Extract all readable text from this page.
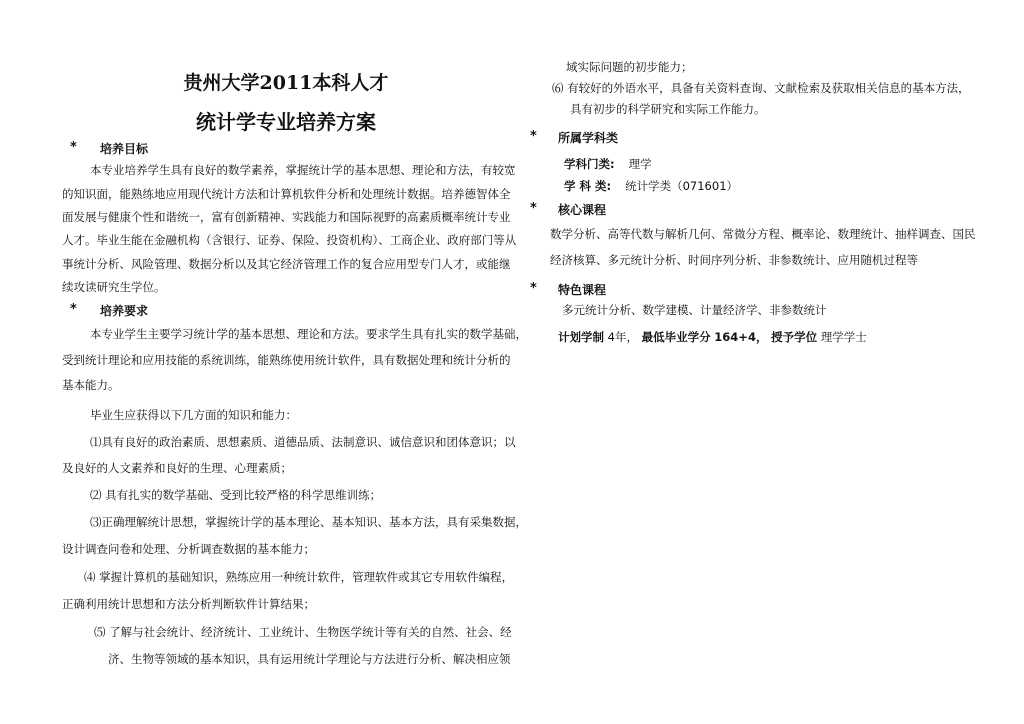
贵州大学2011本科人才
统计学专业培养方案
* 培养目标
本专业培养学生具有良好的数学素养，掌握统计学的基本思想、理论和方法，有较宽
的知识面，能熟练地应用现代统计方法和计算机软件分析和处理统计数据。培养德智体全
面发展与健康个性和谐统一，富有创新精神、实践能力和国际视野的高素质概率统计专业
人才。毕业生能在金融机构（含银行、证券、保险、投资机构）、工商企业、政府部门等从
事统计分析、风险管理、数据分析以及其它经济管理工作的复合应用型专门人才，或能继
续攻读研究生学位。
* 培养要求
本专业学生主要学习统计学的基本思想、理论和方法。要求学生具有扎实的数学基础，
受到统计理论和应用技能的系统训练，能熟练使用统计软件，具有数据处理和统计分析的
基本能力。
毕业生应获得以下几方面的知识和能力：
⑴具有良好的政治素质、思想素质、道德品质、法制意识、诚信意识和团体意识；以
及良好的人文素养和良好的生理、心理素质；
⑵ 具有扎实的数学基础、受到比较严格的科学思维训练；
⑶正确理解统计思想，掌握统计学的基本理论、基本知识、基本方法，具有采集数据，
设计调查问卷和处理、分析调查数据的基本能力；
⑷ 掌握计算机的基础知识，熟练应用一种统计软件，管理软件或其它专用软件编程，
正确利用统计思想和方法分析判断软件计算结果；
⑸ 了解与社会统计、经济统计、工业统计、生物医学统计等有关的自然、社会、经
济、生物等领域的基本知识，具有运用统计学理论与方法进行分析、解决相应领
域实际问题的初步能力；
⑹ 有较好的外语水平，具备有关资料查询、文献检索及获取相关信息的基本方法，
具有初步的科学研究和实际工作能力。
* 所属学科类
学科门类: 理学
学 科 类: 统计学类（071601）
* 核心课程
数学分析、高等代数与解析几何、常微分方程、概率论、数理统计、抽样调查、国民
经济核算、多元统计分析、时间序列分析、非参数统计、应用随机过程等
* 特色课程
多元统计分析、数学建模、计量经济学、非参数统计
计划学制 4年， 最低毕业学分 164+4， 授予学位 理学学士
